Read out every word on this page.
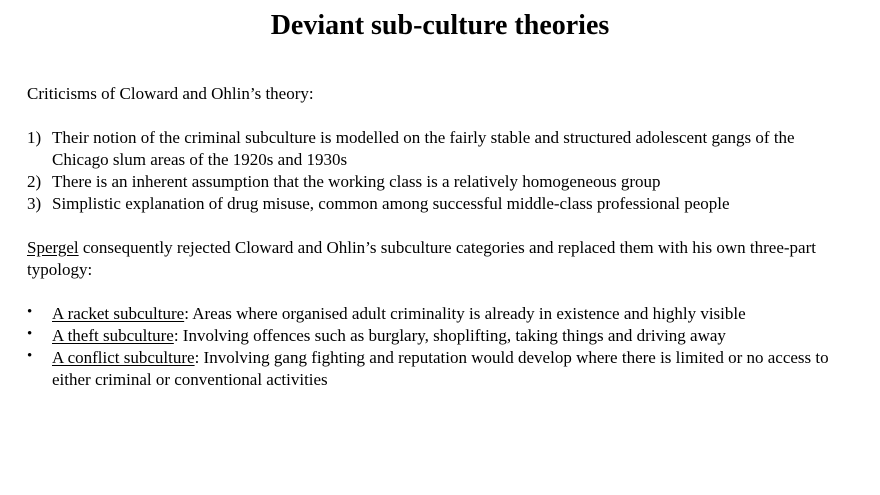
Deviant sub-culture theories

Criticisms of Cloward and Ohlin’s theory:

1) Their notion of the criminal subculture is modelled on the fairly stable and structured adolescent gangs of the Chicago slum areas of the 1920s and 1930s
2) There is an inherent assumption that the working class is a relatively homogeneous group
3) Simplistic explanation of drug misuse, common among successful middle-class professional people

Spergel consequently rejected Cloward and Ohlin’s subculture categories and replaced them with his own three-part typology:

•	A racket subculture: Areas where organised adult criminality is already in existence and highly visible
•	A theft subculture: Involving offences such as burglary, shoplifting, taking things and driving away
•	A conflict subculture: Involving gang fighting and reputation would develop where there is limited or no access to either criminal or conventional activities
